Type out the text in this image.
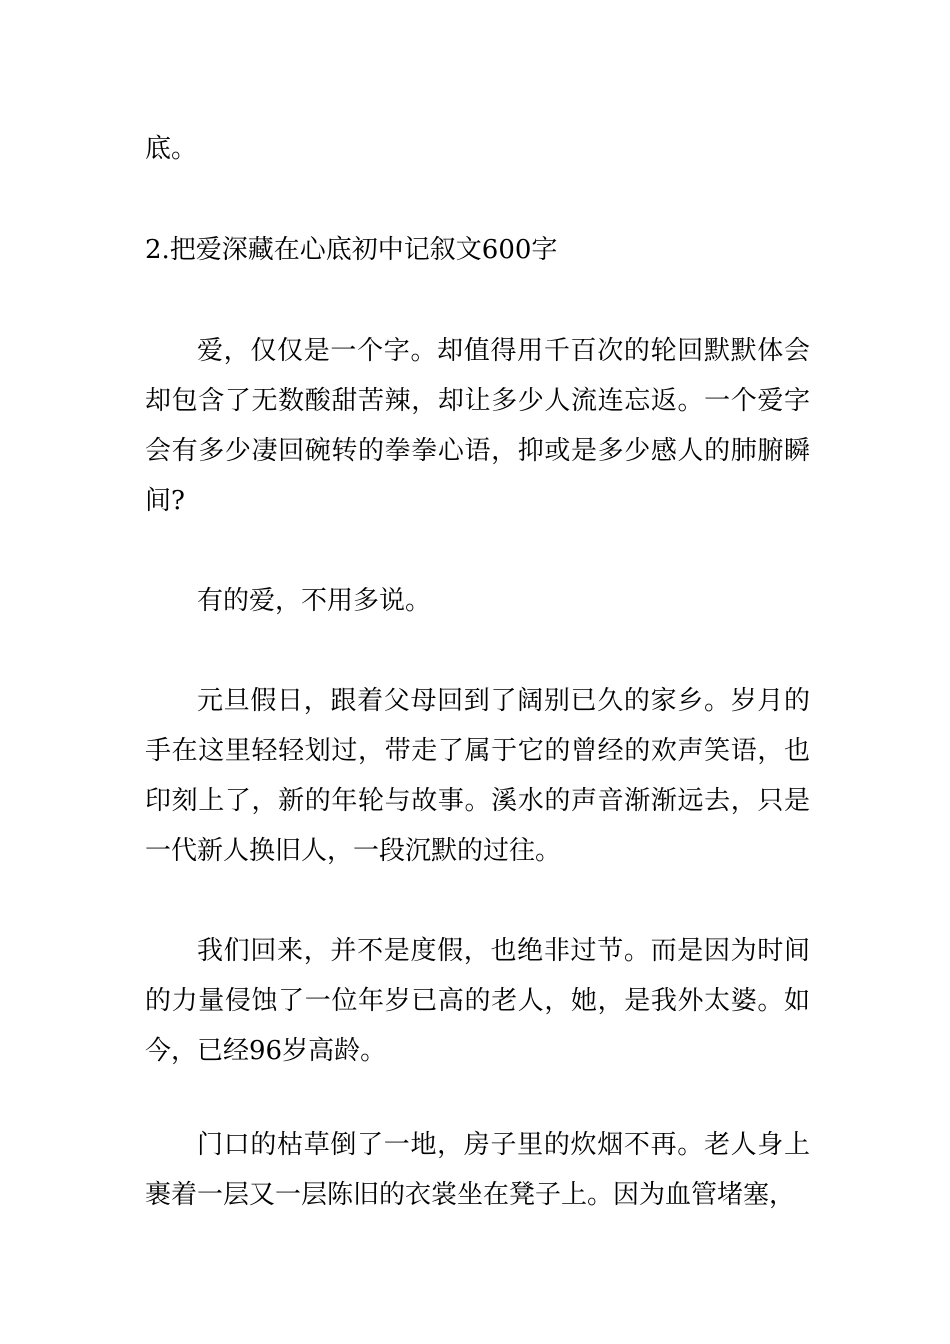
底。
2.把爱深藏在心底初中记叙文600字
爱，仅仅是一个字。却值得用千百次的轮回默默体会却包含了无数酸甜苦辣，却让多少人流连忘返。一个爱字会有多少凄回碗转的拳拳心语，抑或是多少感人的肺腑瞬间?
有的爱，不用多说。
元旦假日，跟着父母回到了阔别已久的家乡。岁月的手在这里轻轻划过，带走了属于它的曾经的欢声笑语，也印刻上了，新的年轮与故事。溪水的声音渐渐远去，只是一代新人换旧人，一段沉默的过往。
我们回来，并不是度假，也绝非过节。而是因为时间的力量侵蚀了一位年岁已高的老人，她，是我外太婆。如今，已经96岁高龄。
门口的枯草倒了一地，房子里的炊烟不再。老人身上裹着一层又一层陈旧的衣裳坐在凳子上。因为血管堵塞，
